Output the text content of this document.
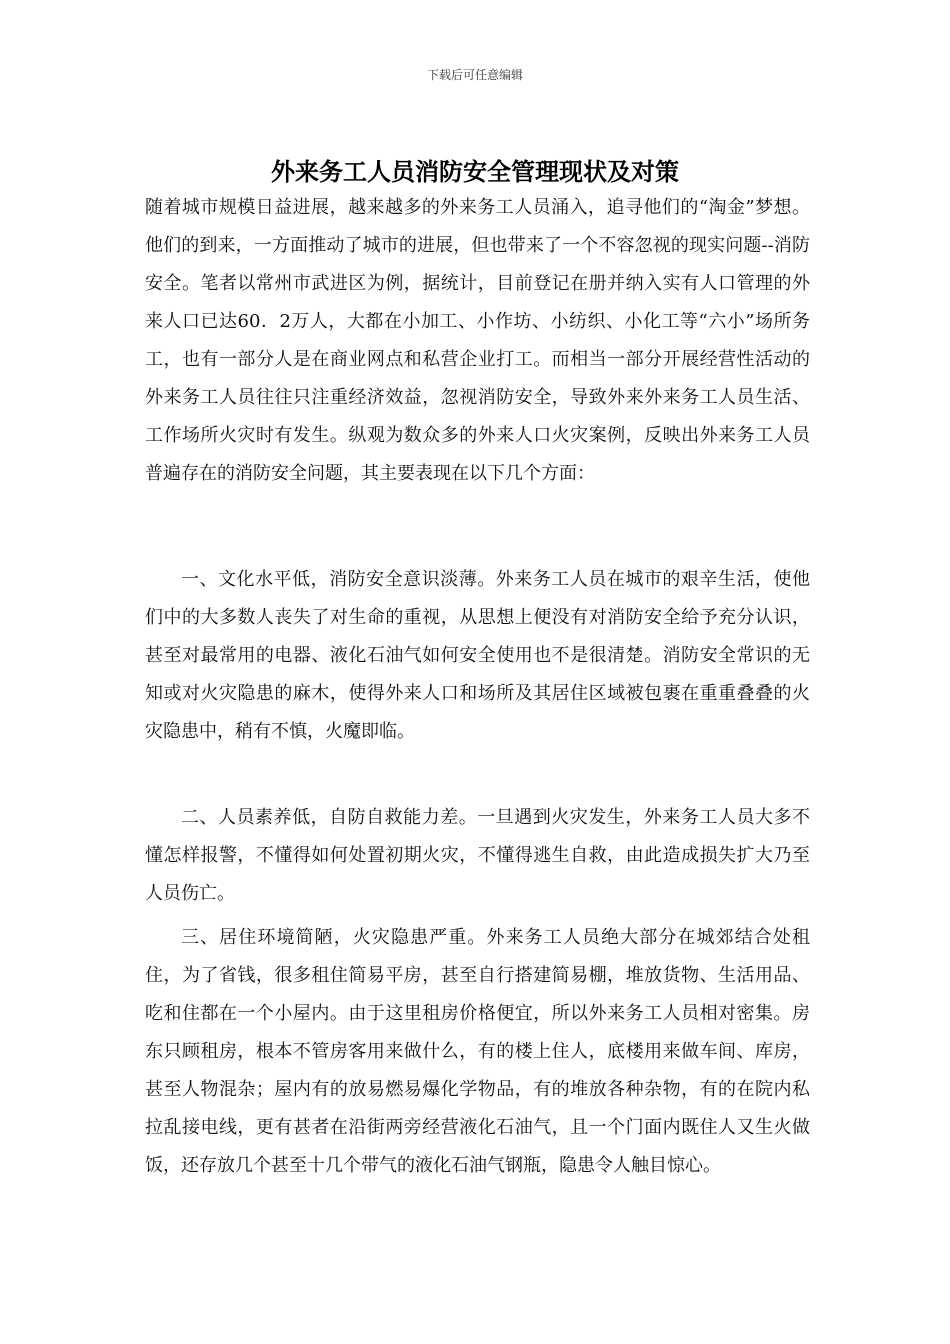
下载后可任意编辑
外来务工人员消防安全管理现状及对策

随着城市规模日益进展，越来越多的外来务工人员涌入，追寻他们的“淘金”梦想。他们的到来，一方面推动了城市的进展，但也带来了一个不容忽视的现实问题--消防安全。笔者以常州市武进区为例，据统计，目前登记在册并纳入实有人口管理的外来人口已达60．2万人，大都在小加工、小作坊、小纺织、小化工等“六小”场所务工，也有一部分人是在商业网点和私营企业打工。而相当一部分开展经营性活动的外来务工人员往往只注重经济效益，忽视消防安全，导致外来外来务工人员生活、工作场所火灾时有发生。纵观为数众多的外来人口火灾案例，反映出外来务工人员普遍存在的消防安全问题，其主要表现在以下几个方面：

一、文化水平低，消防安全意识淡薄。外来务工人员在城市的艰辛生活，使他们中的大多数人丧失了对生命的重视，从思想上便没有对消防安全给予充分认识，甚至对最常用的电器、液化石油气如何安全使用也不是很清楚。消防安全常识的无知或对火灾隐患的麻木，使得外来人口和场所及其居住区域被包裹在重重叠叠的火灾隐患中，稍有不慎，火魔即临。

二、人员素养低，自防自救能力差。一旦遇到火灾发生，外来务工人员大多不懂怎样报警，不懂得如何处置初期火灾，不懂得逃生自救，由此造成损失扩大乃至人员伤亡。

三、居住环境简陋，火灾隐患严重。外来务工人员绝大部分在城郊结合处租住，为了省钱，很多租住简易平房，甚至自行搭建简易棚，堆放货物、生活用品、吃和住都在一个小屋内。由于这里租房价格便宜，所以外来务工人员相对密集。房东只顾租房，根本不管房客用来做什么，有的楼上住人，底楼用来做车间、库房，甚至人物混杂；屋内有的放易燃易爆化学物品，有的堆放各种杂物，有的在院内私拉乱接电线，更有甚者在沿街两旁经营液化石油气，且一个门面内既住人又生火做饭，还存放几个甚至十几个带气的液化石油气钢瓶，隐患令人触目惊心。
